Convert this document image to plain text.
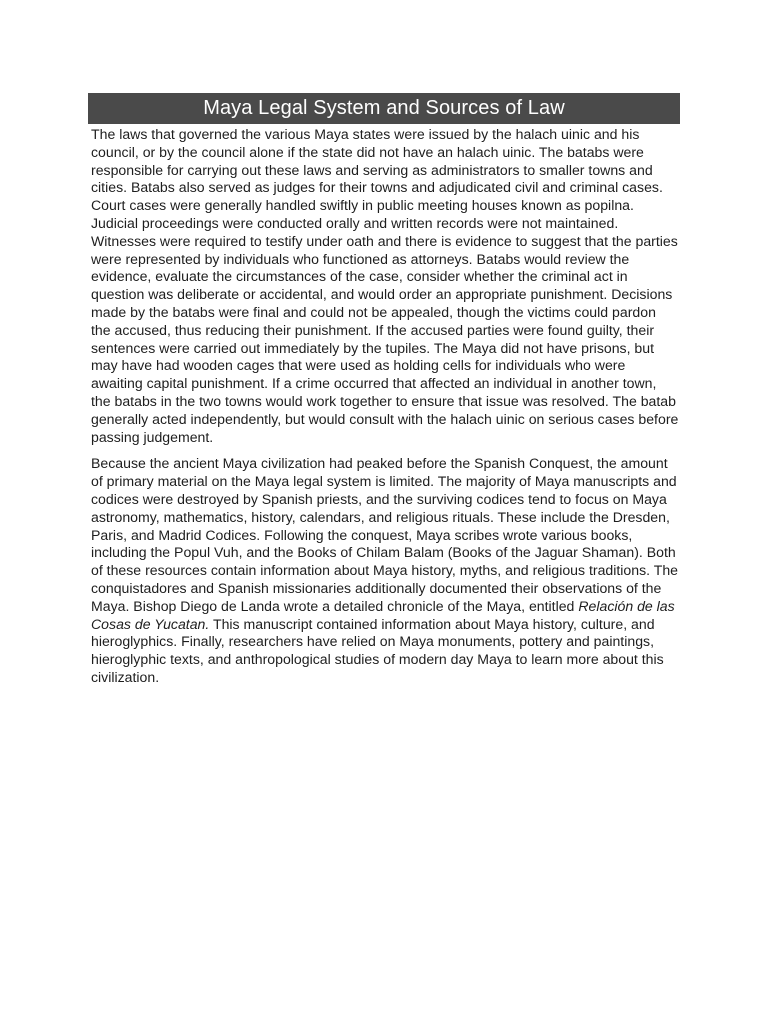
Maya Legal System and Sources of Law

The laws that governed the various Maya states were issued by the halach uinic and his council, or by the council alone if the state did not have an halach uinic. The batabs were responsible for carrying out these laws and serving as administrators to smaller towns and cities. Batabs also served as judges for their towns and adjudicated civil and criminal cases. Court cases were generally handled swiftly in public meeting houses known as popilna. Judicial proceedings were conducted orally and written records were not maintained. Witnesses were required to testify under oath and there is evidence to suggest that the parties were represented by individuals who functioned as attorneys. Batabs would review the evidence, evaluate the circumstances of the case, consider whether the criminal act in question was deliberate or accidental, and would order an appropriate punishment. Decisions made by the batabs were final and could not be appealed, though the victims could pardon the accused, thus reducing their punishment. If the accused parties were found guilty, their sentences were carried out immediately by the tupiles. The Maya did not have prisons, but may have had wooden cages that were used as holding cells for individuals who were awaiting capital punishment. If a crime occurred that affected an individual in another town, the batabs in the two towns would work together to ensure that issue was resolved. The batab generally acted independently, but would consult with the halach uinic on serious cases before passing judgement.

Because the ancient Maya civilization had peaked before the Spanish Conquest, the amount of primary material on the Maya legal system is limited. The majority of Maya manuscripts and codices were destroyed by Spanish priests, and the surviving codices tend to focus on Maya astronomy, mathematics, history, calendars, and religious rituals. These include the Dresden, Paris, and Madrid Codices. Following the conquest, Maya scribes wrote various books, including the Popul Vuh, and the Books of Chilam Balam (Books of the Jaguar Shaman). Both of these resources contain information about Maya history, myths, and religious traditions. The conquistadores and Spanish missionaries additionally documented their observations of the Maya. Bishop Diego de Landa wrote a detailed chronicle of the Maya, entitled Relación de las Cosas de Yucatan. This manuscript contained information about Maya history, culture, and hieroglyphics. Finally, researchers have relied on Maya monuments, pottery and paintings, hieroglyphic texts, and anthropological studies of modern day Maya to learn more about this civilization.
